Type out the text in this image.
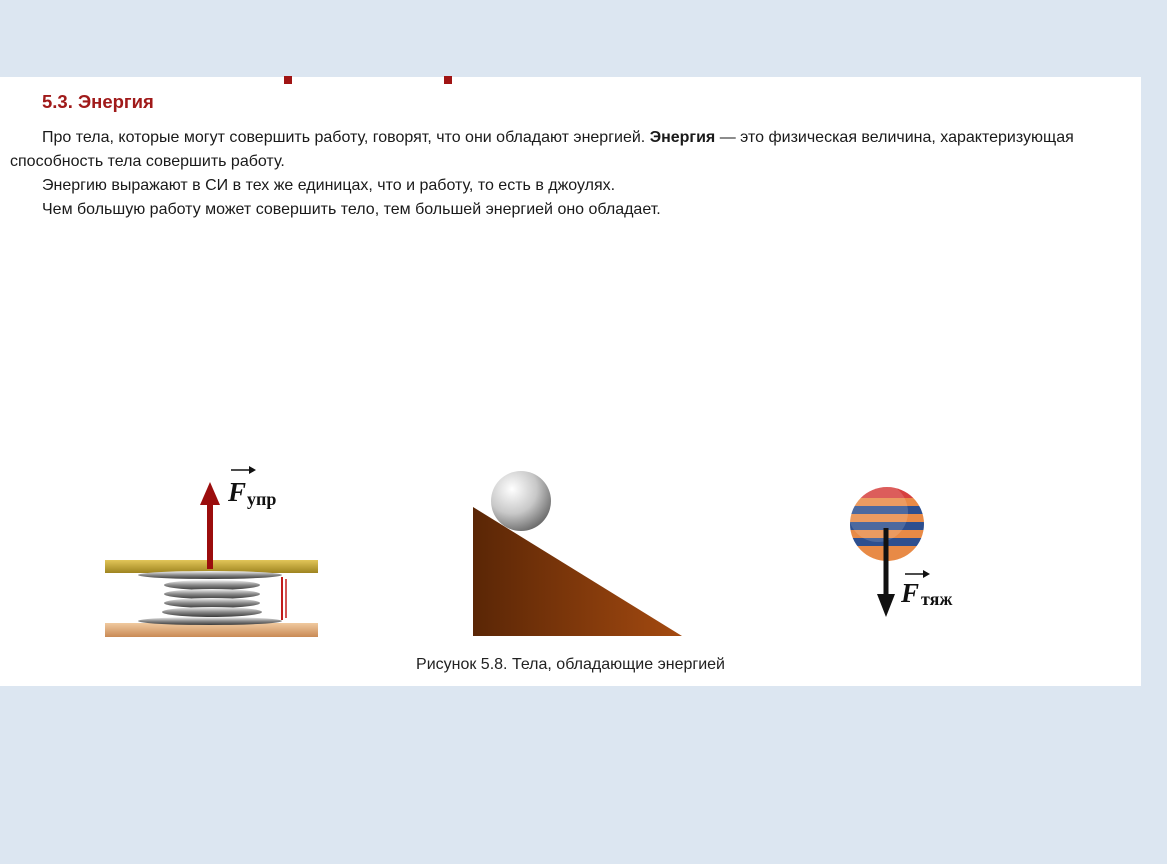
5.3. Энергия
Про тела, которые могут совершить работу, говорят, что они обладают энергией. Энергия — это физическая величина, характеризующая способность тела совершить работу.
Энергию выражают в СИ в тех же единицах, что и работу, то есть в джоулях.
Чем большую работу может совершить тело, тем большей энергией оно обладает.
F упр
F тяж
Рисунок 5.8. Тела, обладающие энергией
